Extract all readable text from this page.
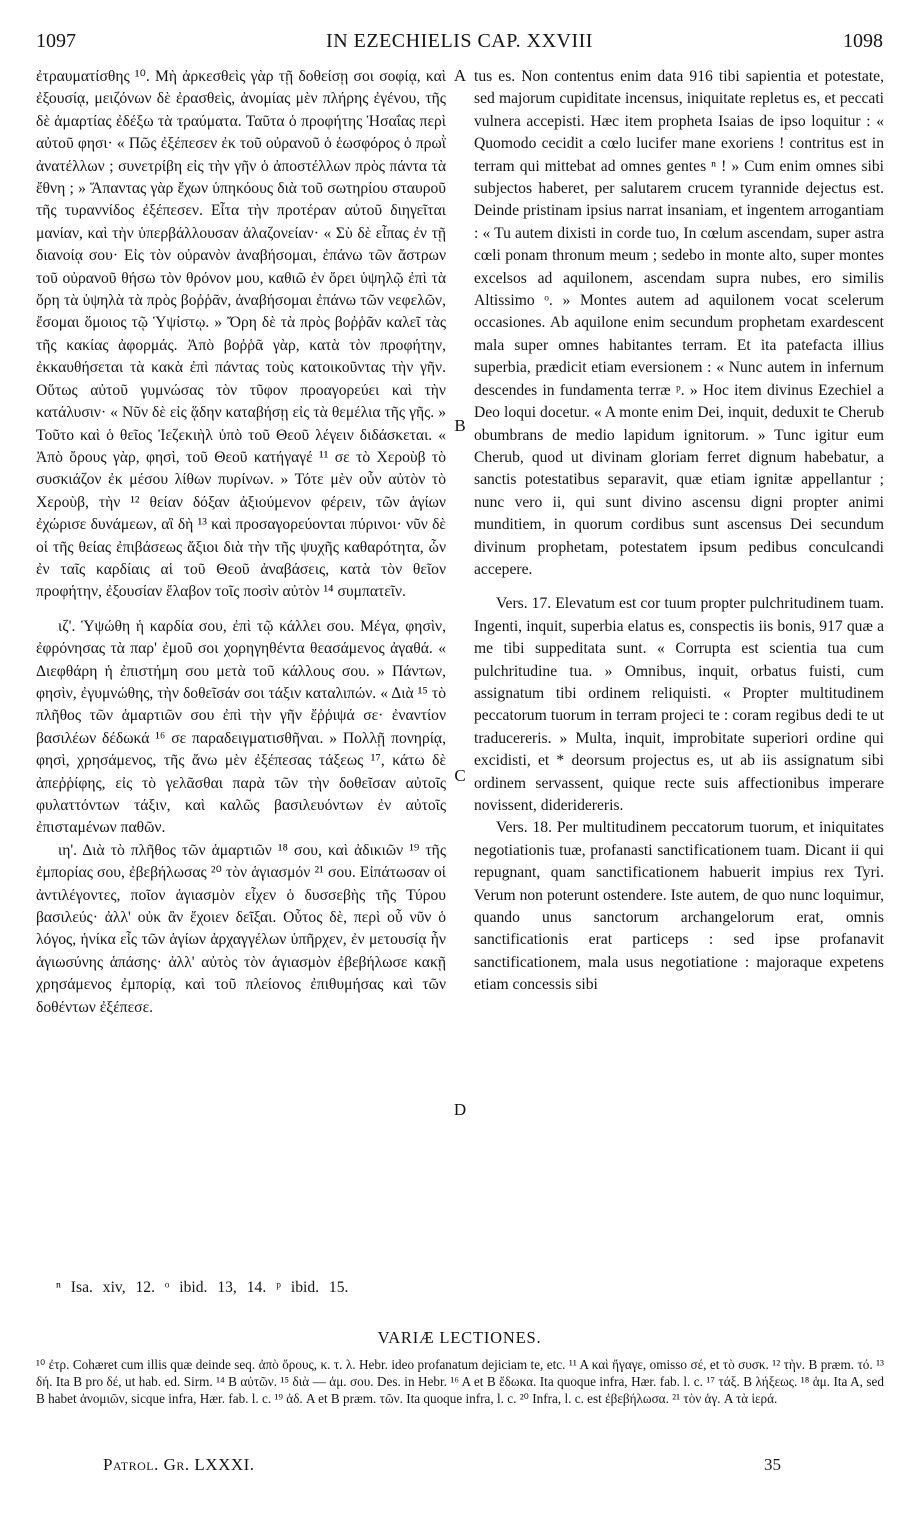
1097	IN EZECHIELIS CAP. XXVIII	1098

ἐτραυματίσθης ¹⁰. Μὴ ἀρκεσθεὶς γὰρ τῇ δοθείσῃ σοι σοφίᾳ, καὶ ἐξουσίᾳ, μειζόνων δὲ ἐρασθεὶς, ἀνομίας μὲν πλήρης ἐγένου, τῆς δὲ ἁμαρτίας ἐδέξω τὰ τραύματα. Ταῦτα ὁ προφήτης Ἡσαΐας περὶ αὐτοῦ φησι· « Πῶς ἐξέπεσεν ἐκ τοῦ οὐρανοῦ ὁ ἑωσφόρος ὁ πρωῒ ἀνατέλλων ; συνετρίβη εἰς τὴν γῆν ὁ ἀποστέλλων πρὸς πάντα τὰ ἔθνη ; » Ἅπαντας γὰρ ἔχων ὑπηκόους διὰ τοῦ σωτηρίου σταυροῦ τῆς τυραννίδος ἐξέπεσεν. Εἶτα τὴν προτέραν αὐτοῦ διηγεῖται μανίαν, καὶ τὴν ὑπερβάλλουσαν ἀλαζονείαν· « Σὺ δὲ εἶπας ἐν τῇ διανοίᾳ σου· Εἰς τὸν οὐρανὸν ἀναβήσομαι, ἐπάνω τῶν ἄστρων τοῦ οὐρανοῦ θήσω τὸν θρόνον μου, καθιῶ ἐν ὄρει ὑψηλῷ ἐπὶ τὰ ὄρη τὰ ὑψηλὰ τὰ πρὸς βοῤῥᾶν, ἀναβήσομαι ἐπάνω τῶν νεφελῶν, ἔσομαι ὅμοιος τῷ Ὑψίστῳ. » Ὄρη δὲ τὰ πρὸς βοῤῥᾶν καλεῖ τὰς τῆς κακίας ἀφορμάς. Ἀπὸ βοῤῥᾶ γὰρ, κατὰ τὸν προφήτην, ἐκκαυθήσεται τὰ κακὰ ἐπὶ πάντας τοὺς κατοικοῦντας τὴν γῆν. Οὕτως αὐτοῦ γυμνώσας τὸν τῦφον προαγορεύει καὶ τὴν κατάλυσιν· « Νῦν δὲ εἰς ᾅδην καταβήσῃ εἰς τὰ θεμέλια τῆς γῆς. » Τοῦτο καὶ ὁ θεῖος Ἰεζεκιὴλ ὑπὸ τοῦ Θεοῦ λέγειν διδάσκεται. « Ἀπὸ ὄρους γὰρ, φησὶ, τοῦ Θεοῦ κατήγαγέ ¹¹ σε τὸ Χεροὺβ τὸ συσκιάζον ἐκ μέσου λίθων πυρίνων. » Τότε μὲν οὖν αὐτὸν τὸ Χεροὺβ, τὴν ¹² θείαν δόξαν ἀξιούμενον φέρειν, τῶν ἁγίων ἐχώρισε δυνάμεων, αἳ δὴ ¹³ καὶ προσαγορεύονται πύρινοι· νῦν δὲ οἱ τῆς θείας ἐπιβάσεως ἄξιοι διὰ τὴν τῆς ψυχῆς καθαρότητα, ὧν ἐν ταῖς καρδίαις αἱ τοῦ Θεοῦ ἀναβάσεις, κατὰ τὸν θεῖον προφήτην, ἐξουσίαν ἔλαβον τοῖς ποσὶν αὐτὸν ¹⁴ συμπατεῖν.

ιζ'. Ὑψώθη ἡ καρδία σου, ἐπὶ τῷ κάλλει σου. Μέγα, φησὶν, ἐφρόνησας τὰ παρ' ἐμοῦ σοι χορηγηθέντα θεασάμενος ἀγαθά. « Διεφθάρη ἡ ἐπιστήμη σου μετὰ τοῦ κάλλους σου. » Πάντων, φησὶν, ἐγυμνώθης, τὴν δοθεῖσάν σοι τάξιν καταλιπών. « Διὰ ¹⁵ τὸ πλῆθος τῶν ἁμαρτιῶν σου ἐπὶ τὴν γῆν ἔῤῥιψά σε· ἐναντίον βασιλέων δέδωκά ¹⁶ σε παραδειγματισθῆναι. » Πολλῇ πονηρίᾳ, φησὶ, χρησάμενος, τῆς ἄνω μὲν ἐξέπεσας τάξεως ¹⁷, κάτω δὲ ἀπεῤῥίφης, εἰς τὸ γελᾶσθαι παρὰ τῶν τὴν δοθεῖσαν αὐτοῖς φυλαττόντων τάξιν, καὶ καλῶς βασιλευόντων ἐν αὐτοῖς ἐπισταμένων παθῶν.

ιη'. Διὰ τὸ πλῆθος τῶν ἁμαρτιῶν ¹⁸ σου, καὶ ἀδικιῶν ¹⁹ τῆς ἐμπορίας σου, ἐβεβήλωσας ²⁰ τὸν ἁγιασμόν ²¹ σου. Εἰπάτωσαν οἱ ἀντιλέγοντες, ποῖον ἁγιασμὸν εἶχεν ὁ δυσσεβὴς τῆς Τύρου βασιλεύς· ἀλλ' οὐκ ἂν ἔχοιεν δεῖξαι. Οὗτος δὲ, περὶ οὗ νῦν ὁ λόγος, ἡνίκα εἷς τῶν ἁγίων ἀρχαγγέλων ὑπῆρχεν, ἐν μετουσίᾳ ἦν ἁγιωσύνης ἁπάσης· ἀλλ' αὐτὸς τὸν ἁγιασμὸν ἐβεβήλωσε κακῇ χρησάμενος ἐμπορίᾳ, καὶ τοῦ πλείονος ἐπιθυμήσας καὶ τῶν δοθέντων ἐξέπεσε.

A
B
C
D

tus es. Non contentus enim data 916 tibi sapientia et potestate, sed majorum cupiditate incensus, iniquitate repletus es, et peccati vulnera accepisti. Hæc item propheta Isaias de ipso loquitur : « Quomodo cecidit a cœlo lucifer mane exoriens ! contritus est in terram qui mittebat ad omnes gentes ⁿ ! » Cum enim omnes sibi subjectos haberet, per salutarem crucem tyrannide dejectus est. Deinde pristinam ipsius narrat insaniam, et ingentem arrogantiam : « Tu autem dixisti in corde tuo, In cœlum ascendam, super astra cœli ponam thronum meum ; sedebo in monte alto, super montes excelsos ad aquilonem, ascendam supra nubes, ero similis Altissimo ᵒ. » Montes autem ad aquilonem vocat scelerum occasiones. Ab aquilone enim secundum prophetam exardescent mala super omnes habitantes terram. Et ita patefacta illius superbia, prædicit etiam eversionem : « Nunc autem in infernum descendes in fundamenta terræ ᵖ. » Hoc item divinus Ezechiel a Deo loqui docetur. « A monte enim Dei, inquit, deduxit te Cherub obumbrans de medio lapidum ignitorum. » Tunc igitur eum Cherub, quod ut divinam gloriam ferret dignum habebatur, a sanctis potestatibus separavit, quæ etiam ignitæ appellantur ; nunc vero ii, qui sunt divino ascensu digni propter animi munditiem, in quorum cordibus sunt ascensus Dei secundum divinum prophetam, potestatem ipsum pedibus conculcandi accepere.

Vers. 17. Elevatum est cor tuum propter pulchritudinem tuam. Ingenti, inquit, superbia elatus es, conspectis iis bonis, 917 quæ a me tibi suppeditata sunt. « Corrupta est scientia tua cum pulchritudine tua. » Omnibus, inquit, orbatus fuisti, cum assignatum tibi ordinem reliquisti. « Propter multitudinem peccatorum tuorum in terram projeci te : coram regibus dedi te ut traducereris. » Multa, inquit, improbitate superiori ordine qui excidisti, et * deorsum projectus es, ut ab iis assignatum sibi ordinem servassent, quique recte suis affectionibus imperare novissent, dideridereris.

Vers. 18. Per multitudinem peccatorum tuorum, et iniquitates negotiationis tuæ, profanasti sanctificationem tuam. Dicant ii qui repugnant, quam sanctificationem habuerit impius rex Tyri. Verum non poterunt ostendere. Iste autem, de quo nunc loquimur, quando unus sanctorum archangelorum erat, omnis sanctificationis erat particeps : sed ipse profanavit sanctificationem, mala usus negotiatione : majoraque expetens etiam concessis sibi

ⁿ Isa. xiv, 12. ᵒ ibid. 13, 14. ᵖ ibid. 15.
VARIÆ LECTIONES.

¹⁰ ἐτρ. Cohæret cum illis quæ deinde seq. ἀπὸ ὄρους, κ. τ. λ. Hebr. ideo profanatum dejiciam te, etc. ¹¹ A καὶ ἤγαγε, omisso σέ, et τὸ συσκ. ¹² τὴν. B præm. τό. ¹³ δή. Ita B pro δέ, ut hab. ed. Sirm. ¹⁴ B αὐτῶν. ¹⁵ διὰ — ἁμ. σου. Des. in Hebr. ¹⁶ A et B ἔδωκα. Ita quoque infra, Hær. fab. l. c. ¹⁷ τάξ. B λήξεως. ¹⁸ ἁμ. Ita A, sed B habet ἀνομιῶν, sicque infra, Hær. fab. l. c. ¹⁹ ἀδ. A et B præm. τῶν. Ita quoque infra, l. c. ²⁰ Infra, l. c. est ἐβεβήλωσα. ²¹ τὸν ἁγ. A τὰ ἱερά.

Patrol. Gr. LXXXI.	35
